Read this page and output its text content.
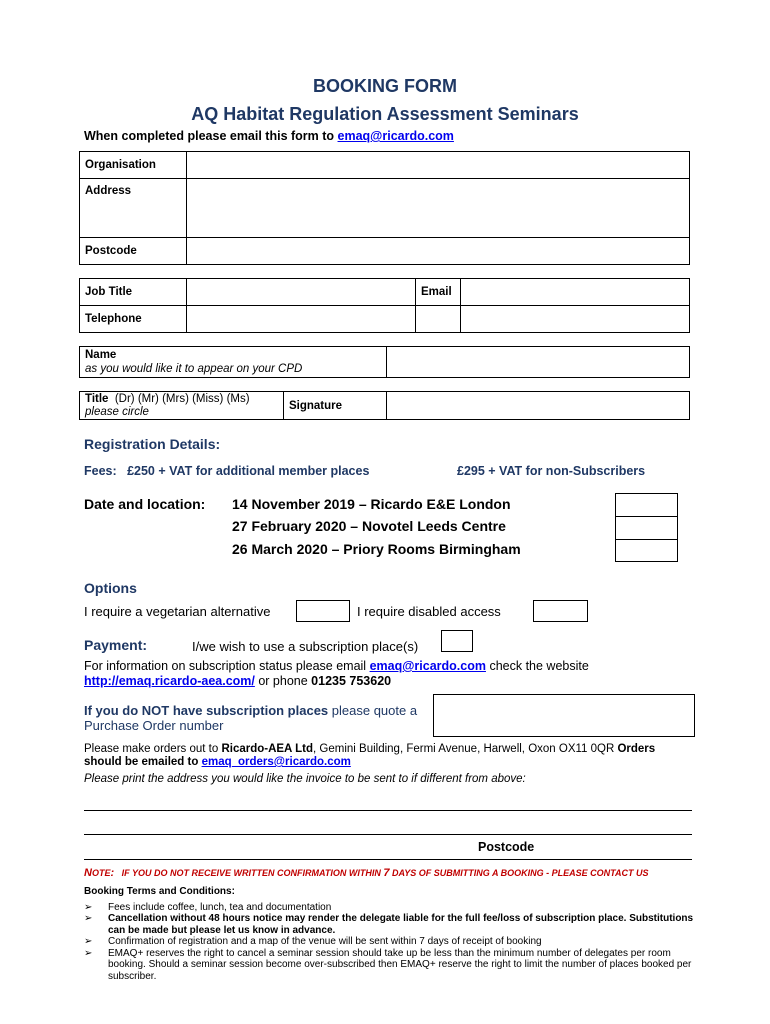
BOOKING FORM
AQ Habitat Regulation Assessment Seminars
When completed please email this form to emaq@ricardo.com
Organisation	
Address	
Postcode	
Job Title		Email	
Telephone			
Name
as you would like it to appear on your CPD

Title (Dr) (Mr) (Mrs) (Miss) (Ms)
please circle	Signature	
Registration Details:
Fees: £250 + VAT for additional member places	£295 + VAT for non-Subscribers
Date and location: 14 November 2019 – Ricardo E&E London
27 February 2020 – Novotel Leeds Centre
26 March 2020 – Priory Rooms Birmingham
Options
I require a vegetarian alternative	I require disabled access
Payment:	I/we wish to use a subscription place(s)
For information on subscription status please email emaq@ricardo.com check the website
http://emaq.ricardo-aea.com/ or phone 01235 753620
If you do NOT have subscription places please quote a
Purchase Order number
Please make orders out to Ricardo-AEA Ltd, Gemini Building, Fermi Avenue, Harwell, Oxon OX11 0QR Orders
should be emailed to emaq_orders@ricardo.com
Please print the address you would like the invoice to be sent to if different from above:
Postcode
NOTE: IF YOU DO NOT RECEIVE WRITTEN CONFIRMATION WITHIN 7 DAYS OF SUBMITTING A BOOKING - PLEASE CONTACT US
Booking Terms and Conditions:
➢ Fees include coffee, lunch, tea and documentation
➢ Cancellation without 48 hours notice may render the delegate liable for the full fee/loss of subscription place. Substitutions can be made but please let us know in advance.
➢ Confirmation of registration and a map of the venue will be sent within 7 days of receipt of booking
➢ EMAQ+ reserves the right to cancel a seminar session should take up be less than the minimum number of delegates per room booking. Should a seminar session become over-subscribed then EMAQ+ reserve the right to limit the number of places booked per subscriber.
